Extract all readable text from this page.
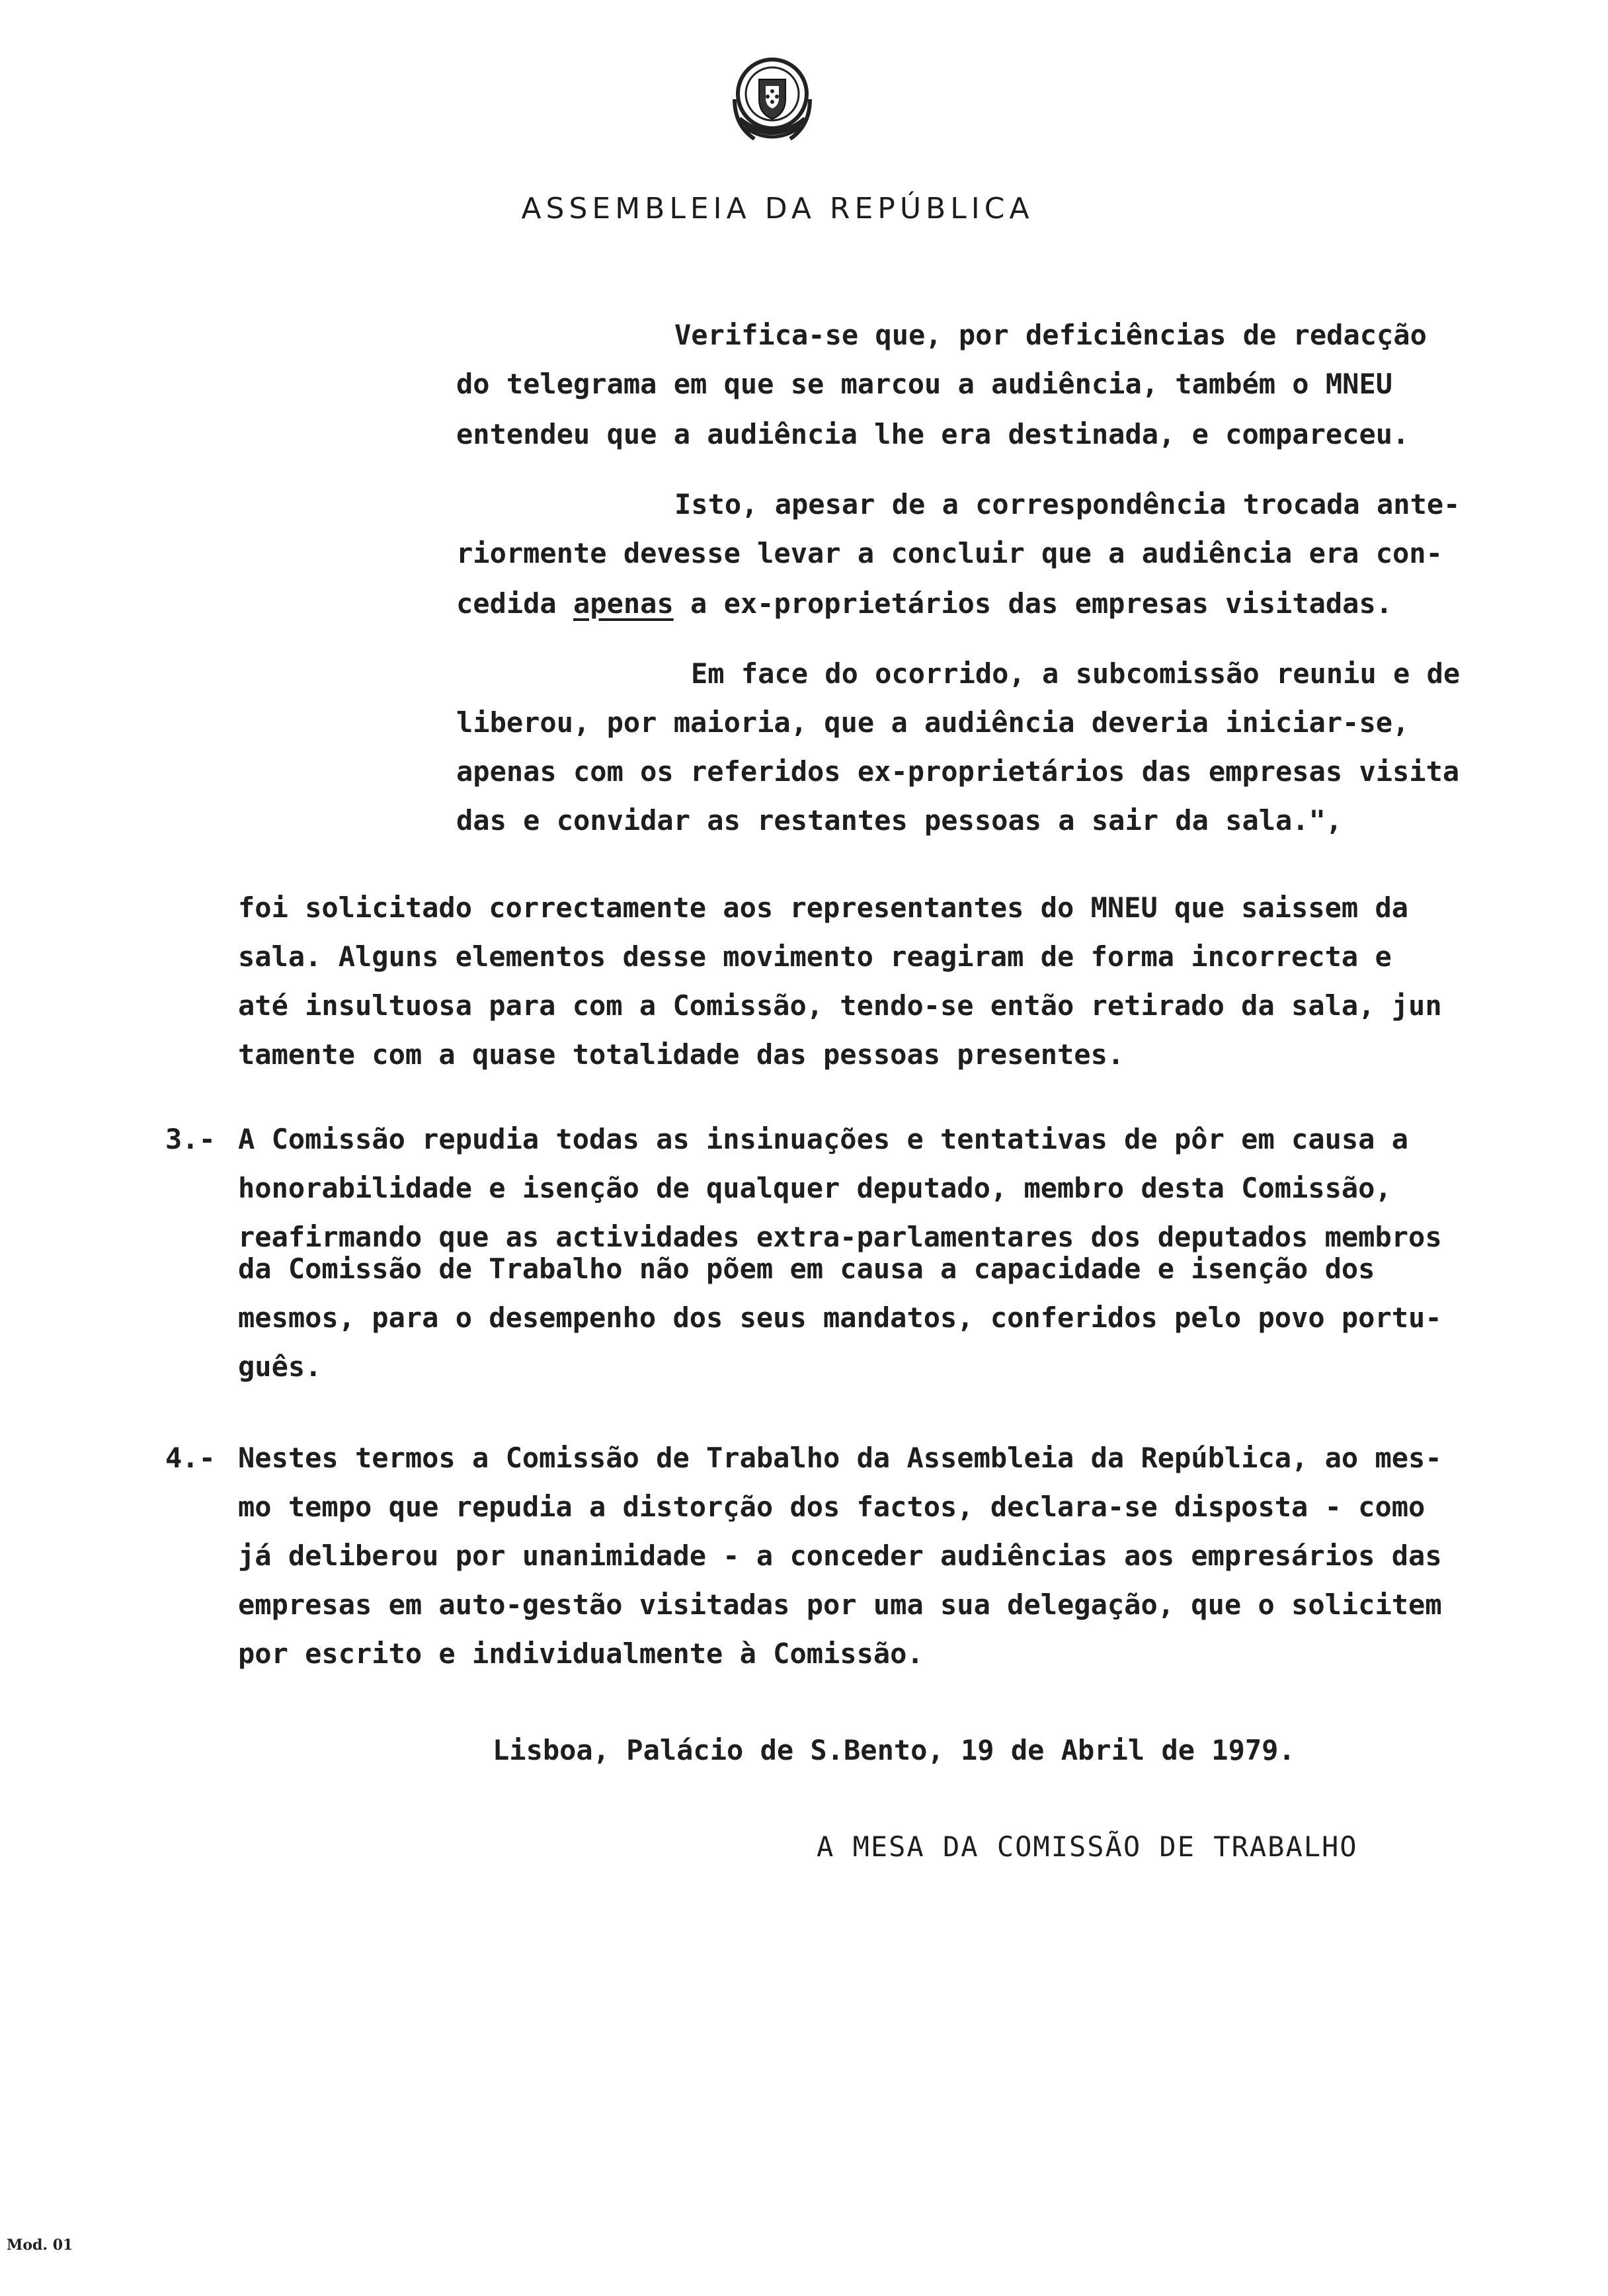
ASSEMBLEIA DA REPÚBLICA
Verifica-se que, por deficiências de redacção
do telegrama em que se marcou a audiência, também o MNEU
entendeu que a audiência lhe era destinada, e compareceu.
Isto, apesar de a correspondência trocada ante-
riormente devesse levar a concluir que a audiência era con-
cedida apenas a ex-proprietários das empresas visitadas.
Em face do ocorrido, a subcomissão reuniu e de
liberou, por maioria, que a audiência deveria iniciar-se,
apenas com os referidos ex-proprietários das empresas visita
das e convidar as restantes pessoas a sair da sala.",
foi solicitado correctamente aos representantes do MNEU que saissem da
sala. Alguns elementos desse movimento reagiram de forma incorrecta e
até insultuosa para com a Comissão, tendo-se então retirado da sala, jun
tamente com a quase totalidade das pessoas presentes.
3.- A Comissão repudia todas as insinuações e tentativas de pôr em causa a
honorabilidade e isenção de qualquer deputado, membro desta Comissão,
reafirmando que as actividades extra-parlamentares dos deputados membros
da Comissão de Trabalho não põem em causa a capacidade e isenção dos
mesmos, para o desempenho dos seus mandatos, conferidos pelo povo portu-
guês.
4.- Nestes termos a Comissão de Trabalho da Assembleia da República, ao mes-
mo tempo que repudia a distorção dos factos, declara-se disposta - como
já deliberou por unanimidade - a conceder audiências aos empresários das
empresas em auto-gestão visitadas por uma sua delegação, que o solicitem
por escrito e individualmente à Comissão.
Lisboa, Palácio de S.Bento, 19 de Abril de 1979.
A MESA DA COMISSÃO DE TRABALHO
Mod. 01
